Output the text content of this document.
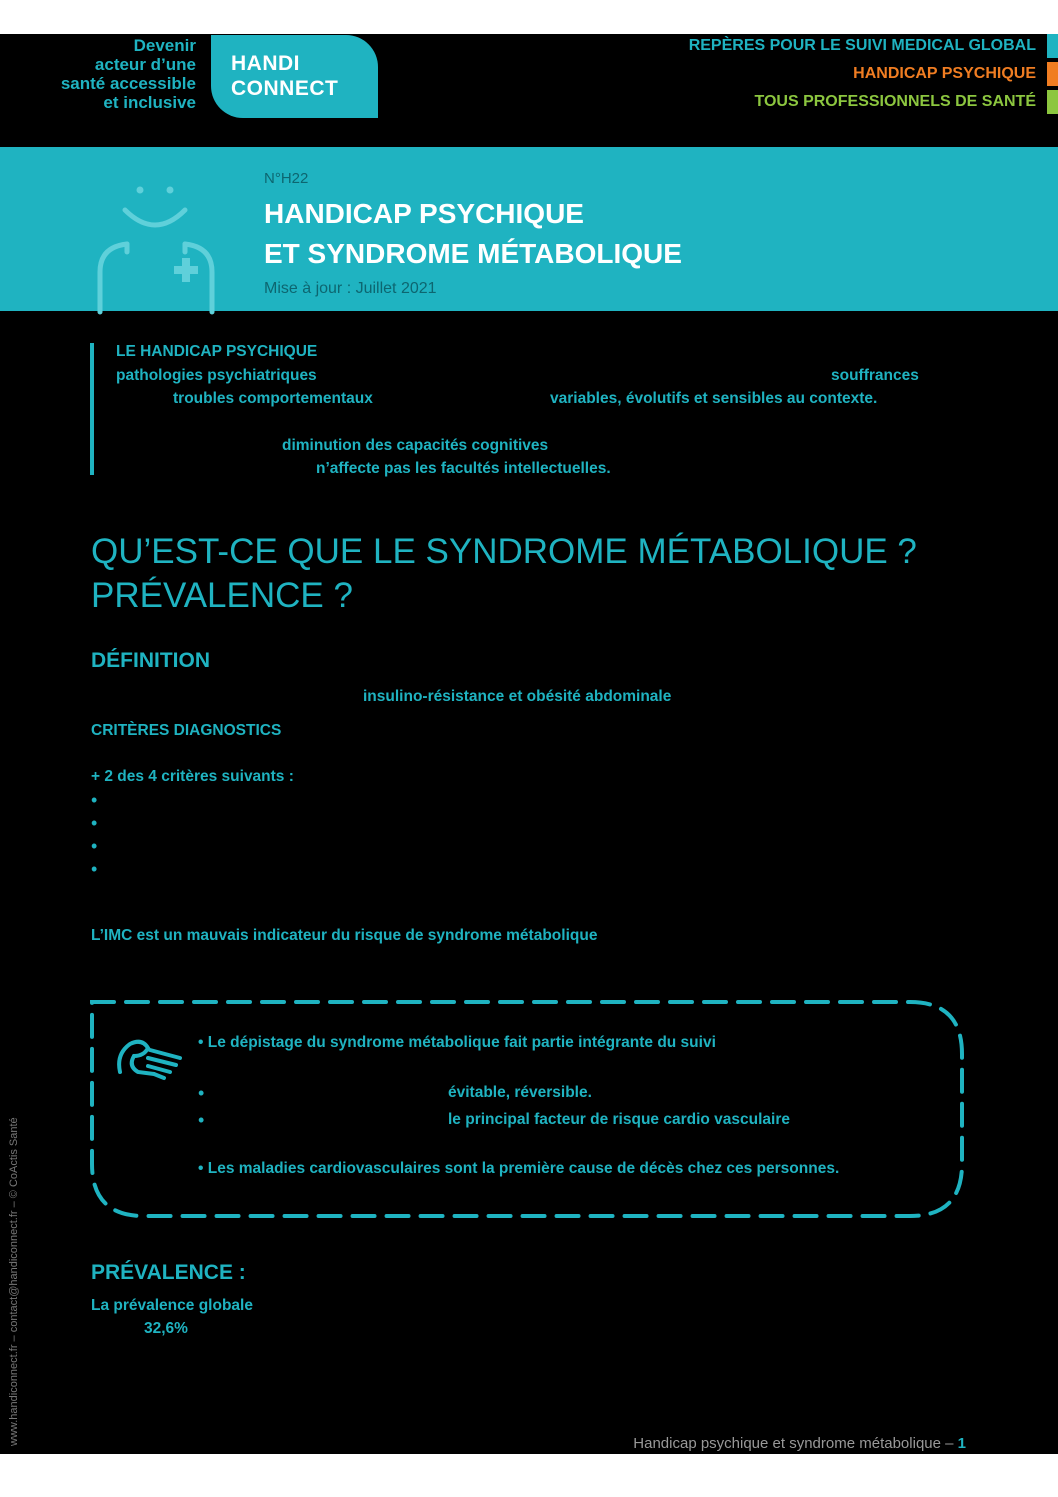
Devenir
acteur d’une
santé accessible
et inclusive
HANDI
CONNECT
REPÈRES POUR LE SUIVI MEDICAL GLOBAL
HANDICAP PSYCHIQUE
TOUS PROFESSIONNELS DE SANTÉ
N°H22
HANDICAP PSYCHIQUE
ET SYNDROME MÉTABOLIQUE
Mise à jour : Juillet 2021
LE HANDICAP PSYCHIQUE
pathologies psychiatriques	souffrances
troubles comportementaux	variables, évolutifs et sensibles au contexte.
diminution des capacités cognitives
n’affecte pas les facultés intellectuelles.
QU’EST-CE QUE LE SYNDROME MÉTABOLIQUE ?
PRÉVALENCE ?
DÉFINITION
insulino-résistance et obésité abdominale
CRITÈRES DIAGNOSTICS
+ 2 des 4 critères suivants :
•
•
•
•
L’IMC est un mauvais indicateur du risque de syndrome métabolique
• Le dépistage du syndrome métabolique fait partie intégrante du suivi
•	évitable, réversible.
•	le principal facteur de risque cardio vasculaire
• Les maladies cardiovasculaires sont la première cause de décès chez ces personnes.
PRÉVALENCE :
La prévalence globale
32,6%
Handicap psychique et syndrome métabolique – 1
www.handiconnect.fr – contact@handiconnect.fr – © CoActis Santé
